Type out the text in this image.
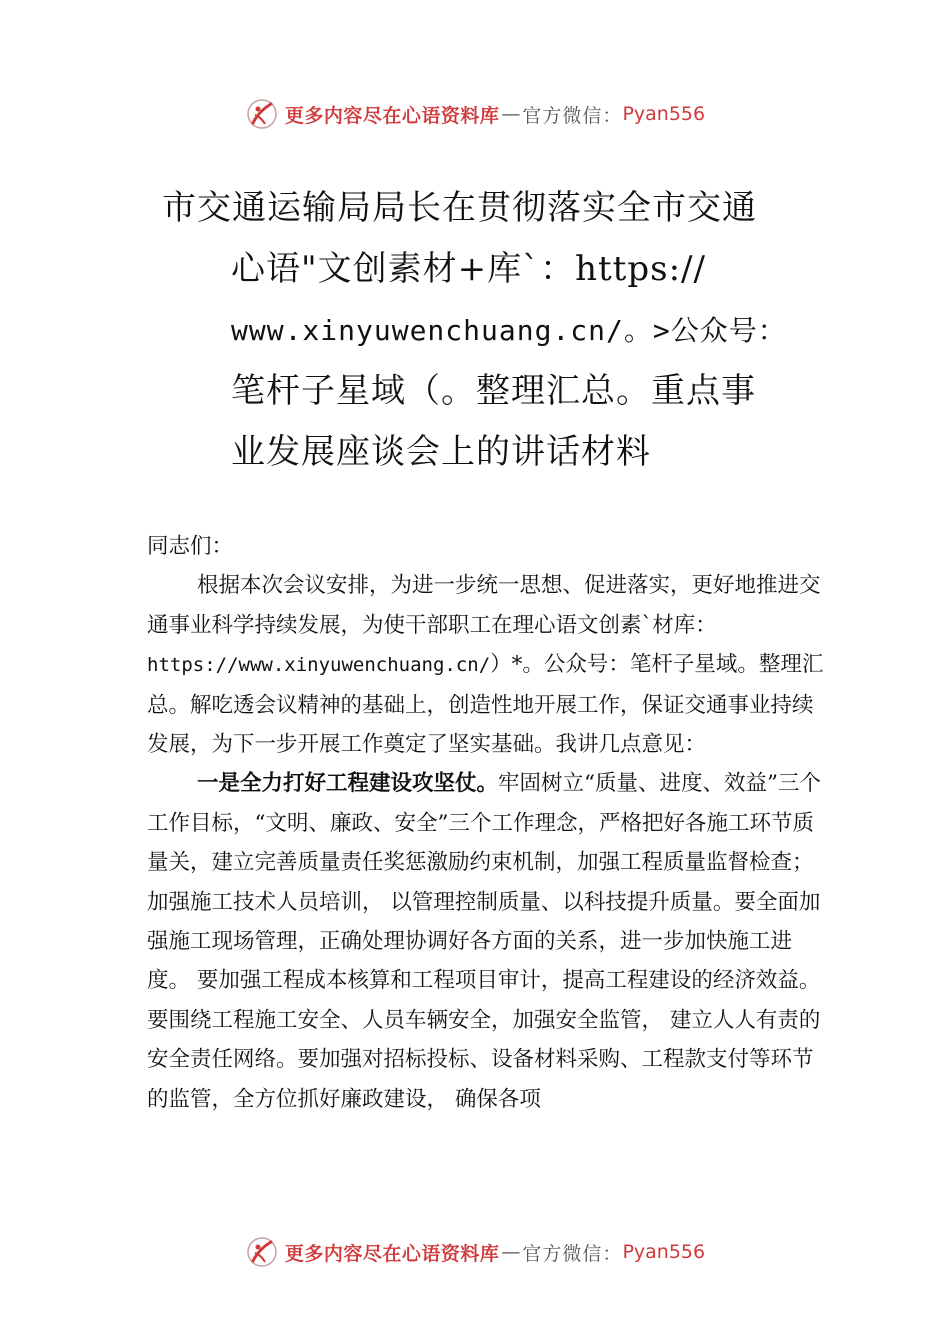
更多内容尽在心语资料库 — 官方微信： Pyan556
市交通运输局局长在贯彻落实全市交通
心语"文创素材+库`：https://
www.xinyuwenchuang.cn/。>公众号：
笔杆子星域（。整理汇总。重点事
业发展座谈会上的讲话材料

同志们：

根据本次会议安排，为进一步统一思想、促进落实，更好地推进交通事业科学持续发展，为使干部职工在理心语文创素`材库：https://www.xinyuwenchuang.cn/）*。公众号：笔杆子星域。整理汇总。解吃透会议精神的基础上，创造性地开展工作，保证交通事业持续发展，为下一步开展工作奠定了坚实基础。我讲几点意见：

一是全力打好工程建设攻坚仗。牢固树立“质量、进度、效益”三个工作目标，“文明、廉政、安全”三个工作理念，严格把好各施工环节质量关，建立完善质量责任奖惩激励约束机制，加强工程质量监督检查；加强施工技术人员培训， 以管理控制质量、以科技提升质量。要全面加强施工现场管理，正确处理协调好各方面的关系，进一步加快施工进度。 要加强工程成本核算和工程项目审计，提高工程建设的经济效益。要围绕工程施工安全、人员车辆安全，加强安全监管， 建立人人有责的安全责任网络。要加强对招标投标、设备材料采购、工程款支付等环节的监管，全方位抓好廉政建设， 确保各项

更多内容尽在心语资料库 — 官方微信： Pyan556
